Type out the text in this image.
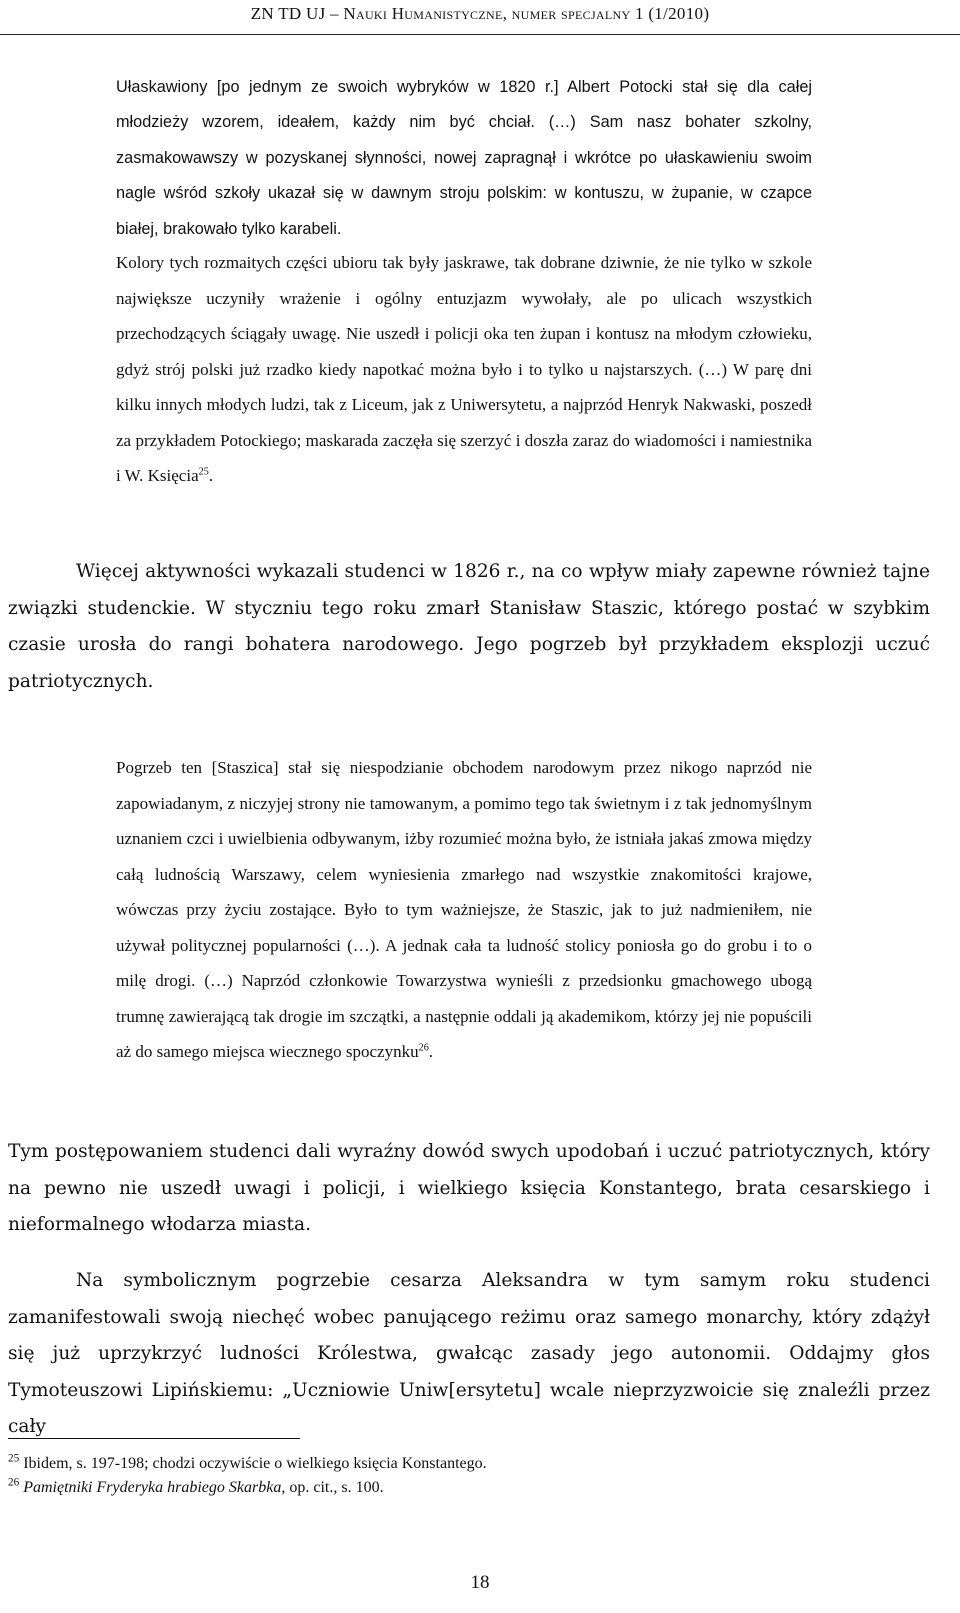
ZN TD UJ – Nauki Humanistyczne, numer specjalny 1 (1/2010)

Ułaskawiony [po jednym ze swoich wybryków w 1820 r.] Albert Potocki stał się dla całej młodzieży wzorem, ideałem, każdy nim być chciał. (…) Sam nasz bohater szkolny, zasmakowawszy w pozyskanej słynności, nowej zapragnął i wkrótce po ułaskawieniu swoim nagle wśród szkoły ukazał się w dawnym stroju polskim: w kontuszu, w żupanie, w czapce białej, brakowało tylko karabeli.

Kolory tych rozmaitych części ubioru tak były jaskrawe, tak dobrane dziwnie, że nie tylko w szkole największe uczyniły wrażenie i ogólny entuzjazm wywołały, ale po ulicach wszystkich przechodzących ściągały uwagę. Nie uszedł i policji oka ten żupan i kontusz na młodym człowieku, gdyż strój polski już rzadko kiedy napotkać można było i to tylko u najstarszych. (…) W parę dni kilku innych młodych ludzi, tak z Liceum, jak z Uniwersytetu, a najprzód Henryk Nakwaski, poszedł za przykładem Potockiego; maskarada zaczęła się szerzyć i doszła zaraz do wiadomości i namiestnika i W. Księcia$^{25}$.

Więcej aktywności wykazali studenci w 1826 r., na co wpływ miały zapewne również tajne związki studenckie. W styczniu tego roku zmarł Stanisław Staszic, którego postać w szybkim czasie urosła do rangi bohatera narodowego. Jego pogrzeb był przykładem eksplozji uczuć patriotycznych.

Pogrzeb ten [Staszica] stał się niespodzianie obchodem narodowym przez nikogo naprzód nie zapowiadanym, z niczyjej strony nie tamowanym, a pomimo tego tak świetnym i z tak jednomyślnym uznaniem czci i uwielbienia odbywanym, iżby rozumieć można było, że istniała jakaś zmowa między całą ludnością Warszawy, celem wyniesienia zmarłego nad wszystkie znakomitości krajowe, wówczas przy życiu zostające. Było to tym ważniejsze, że Staszic, jak to już nadmieniłem, nie używał politycznej popularności (…). A jednak cała ta ludność stolicy poniosła go do grobu i to o milę drogi. (…) Naprzód członkowie Towarzystwa wynieśli z przedsionku gmachowego ubogą trumnę zawierającą tak drogie im szczątki, a następnie oddali ją akademikom, którzy jej nie popuścili aż do samego miejsca wiecznego spoczynku$^{26}$.

Tym postępowaniem studenci dali wyraźny dowód swych upodobań i uczuć patriotycznych, który na pewno nie uszedł uwagi i policji, i wielkiego księcia Konstantego, brata cesarskiego i nieformalnego włodarza miasta.

Na symbolicznym pogrzebie cesarza Aleksandra w tym samym roku studenci zamanifestowali swoją niechęć wobec panującego reżimu oraz samego monarchy, który zdążył się już uprzykrzyć ludności Królestwa, gwałcąc zasady jego autonomii. Oddajmy głos Tymoteuszowi Lipińskiemu: „Uczniowie Uniw[ersytetu] wcale nieprzyzwoicie się znaleźli przez cały

$^{25}$ Ibidem, s. 197-198; chodzi oczywiście o wielkiego księcia Konstantego.
$^{26}$ Pamiętniki Fryderyka hrabiego Skarbka, op. cit., s. 100.
18
